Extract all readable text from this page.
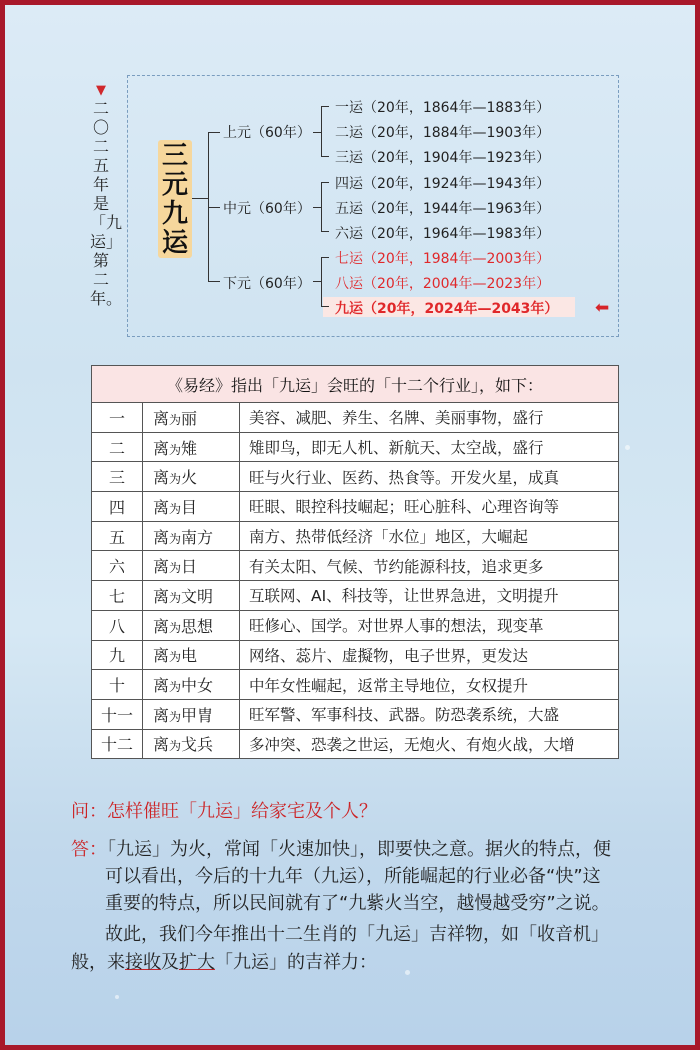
▼
二〇二五年是「九运」第二年。
三元九运
上元（60年）
中元（60年）
下元（60年）
一运（20年，1864年—1883年）
二运（20年，1884年—1903年）
三运（20年，1904年—1923年）
四运（20年，1924年—1943年）
五运（20年，1944年—1963年）
六运（20年，1964年—1983年）
七运（20年，1984年—2003年）
八运（20年，2004年—2023年）
九运（20年，2024年—2043年） ⬅
《易经》指出「九运」会旺的「十二个行业」，如下：		
一	离为丽	美容、减肥、养生、名牌、美丽事物，盛行
二	离为雉	雉即鸟，即无人机、新航天、太空战，盛行
三	离为火	旺与火行业、医药、热食等。开发火星，成真
四	离为目	旺眼、眼控科技崛起；旺心脏科、心理咨询等
五	离为南方	南方、热带低经济「水位」地区，大崛起
六	离为日	有关太阳、气候、节约能源科技，追求更多
七	离为文明	互联网、AI、科技等，让世界急进，文明提升
八	离为思想	旺修心、国学。对世界人事的想法，现变革
九	离为电	网络、蕊片、虚擬物，电子世界，更发达
十	离为中女	中年女性崛起，返常主导地位，女权提升
十一	离为甲胄	旺军警、军事科技、武器。防恐袭系统，大盛
十二	离为戈兵	多冲突、恐袭之世运，无炮火、有炮火战，大增
问：怎样催旺「九运」给家宅及个人？
答：「九运」为火，常闻「火速加快」，即要快之意。据火的特点，便
可以看出，今后的十九年（九运），所能崛起的行业必备“快”这
重要的特点，所以民间就有了“九紫火当空，越慢越受穷”之说。
故此，我们今年推出十二生肖的「九运」吉祥物，如「收音机」
般，来接收及扩大「九运」的吉祥力：
